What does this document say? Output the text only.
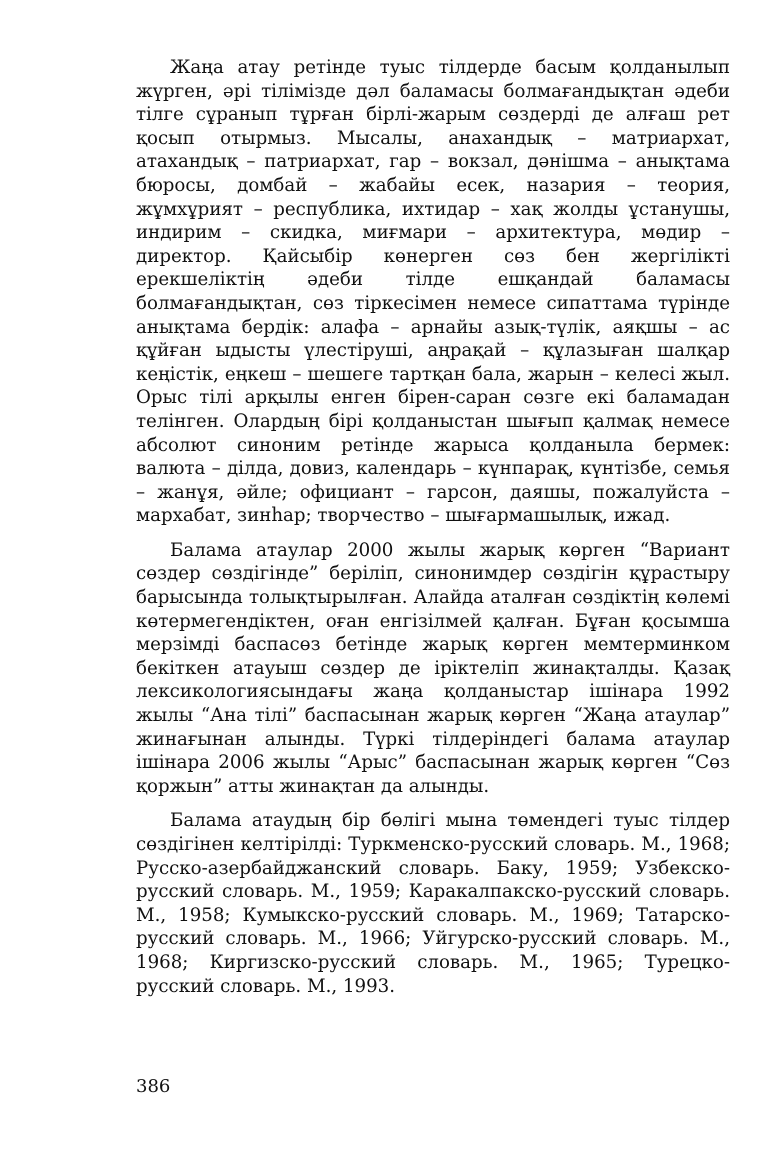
Жаңа атау ретінде туыс тілдерде басым қолданылып жүрген, әрі тілімізде дәл баламасы болмағандықтан әдеби тілге сұранып тұрған бірлі-жарым сөздерді де алғаш рет қосып отырмыз. Мысалы, анахандық – матриархат, атахандық – патриархат, гар – вокзал, дәнішма – анықтама бюросы, домбай – жабайы есек, назария – теория, жұмхұрият – республика, ихтидар – хақ жолды ұстанушы, индирим – скидка, миғмари – архитектура, мөдир – директор. Қайсыбір көнерген сөз бен жергілікті ерекшеліктің әдеби тілде ешқандай баламасы болмағандықтан, сөз тіркесімен немесе сипаттама түрінде анықтама бердік: алафа – арнайы азық-түлік, аяқшы – ас құйған ыдысты үлестіруші, аңрақай – құлазыған шалқар кеңістік, еңкеш – шешеге тартқан бала, жарын – келесі жыл. Орыс тілі арқылы енген бірен-саран сөзге екі баламадан телінген. Олардың бірі қолданыстан шығып қалмақ немесе абсолют синоним ретінде жарыса қолданыла бермек: валюта – дiлда, довиз, календарь – күнпарақ, күнтізбе, семья – жанұя, әйле; официант – гарсон, даяшы, пожалуйста – мархабат, зинһар; творчество – шығармашылық, ижад.

Балама атаулар 2000 жылы жарық көрген “Вариант сөздер сөздігінде” беріліп, синонимдер сөздігін құрастыру барысында толықтырылған. Алайда аталған сөздіктің көлемі көтермегендіктен, оған енгізілмей қалған. Бұған қосымша мерзімді баспасөз бетінде жарық көрген мемтерминком бекіткен атауыш сөздер де іріктеліп жинақталды. Қазақ лексикологиясындағы жаңа қолданыстар ішінара 1992 жылы “Ана тілі” баспасынан жарық көрген “Жаңа атаулар” жинағынан алынды. Түркі тілдеріндегі балама атаулар ішінара 2006 жылы “Арыс” баспасынан жарық көрген “Сөз қоржын” атты жинақтан да алынды.

Балама атаудың бір бөлігі мына төмендегі туыс тілдер сөздігінен келтірілді: Туркменско-русский словарь. М., 1968; Русско-азербайджанский словарь. Баку, 1959; Узбекско-русский словарь. М., 1959; Каракалпакско-русский словарь. М., 1958; Кумыкско-русский словарь. М., 1969; Татарско-русский словарь. М., 1966; Уйгурско-русский словарь. М., 1968; Киргизско-русский словарь. М., 1965; Турецко-русский словарь. М., 1993.

386
